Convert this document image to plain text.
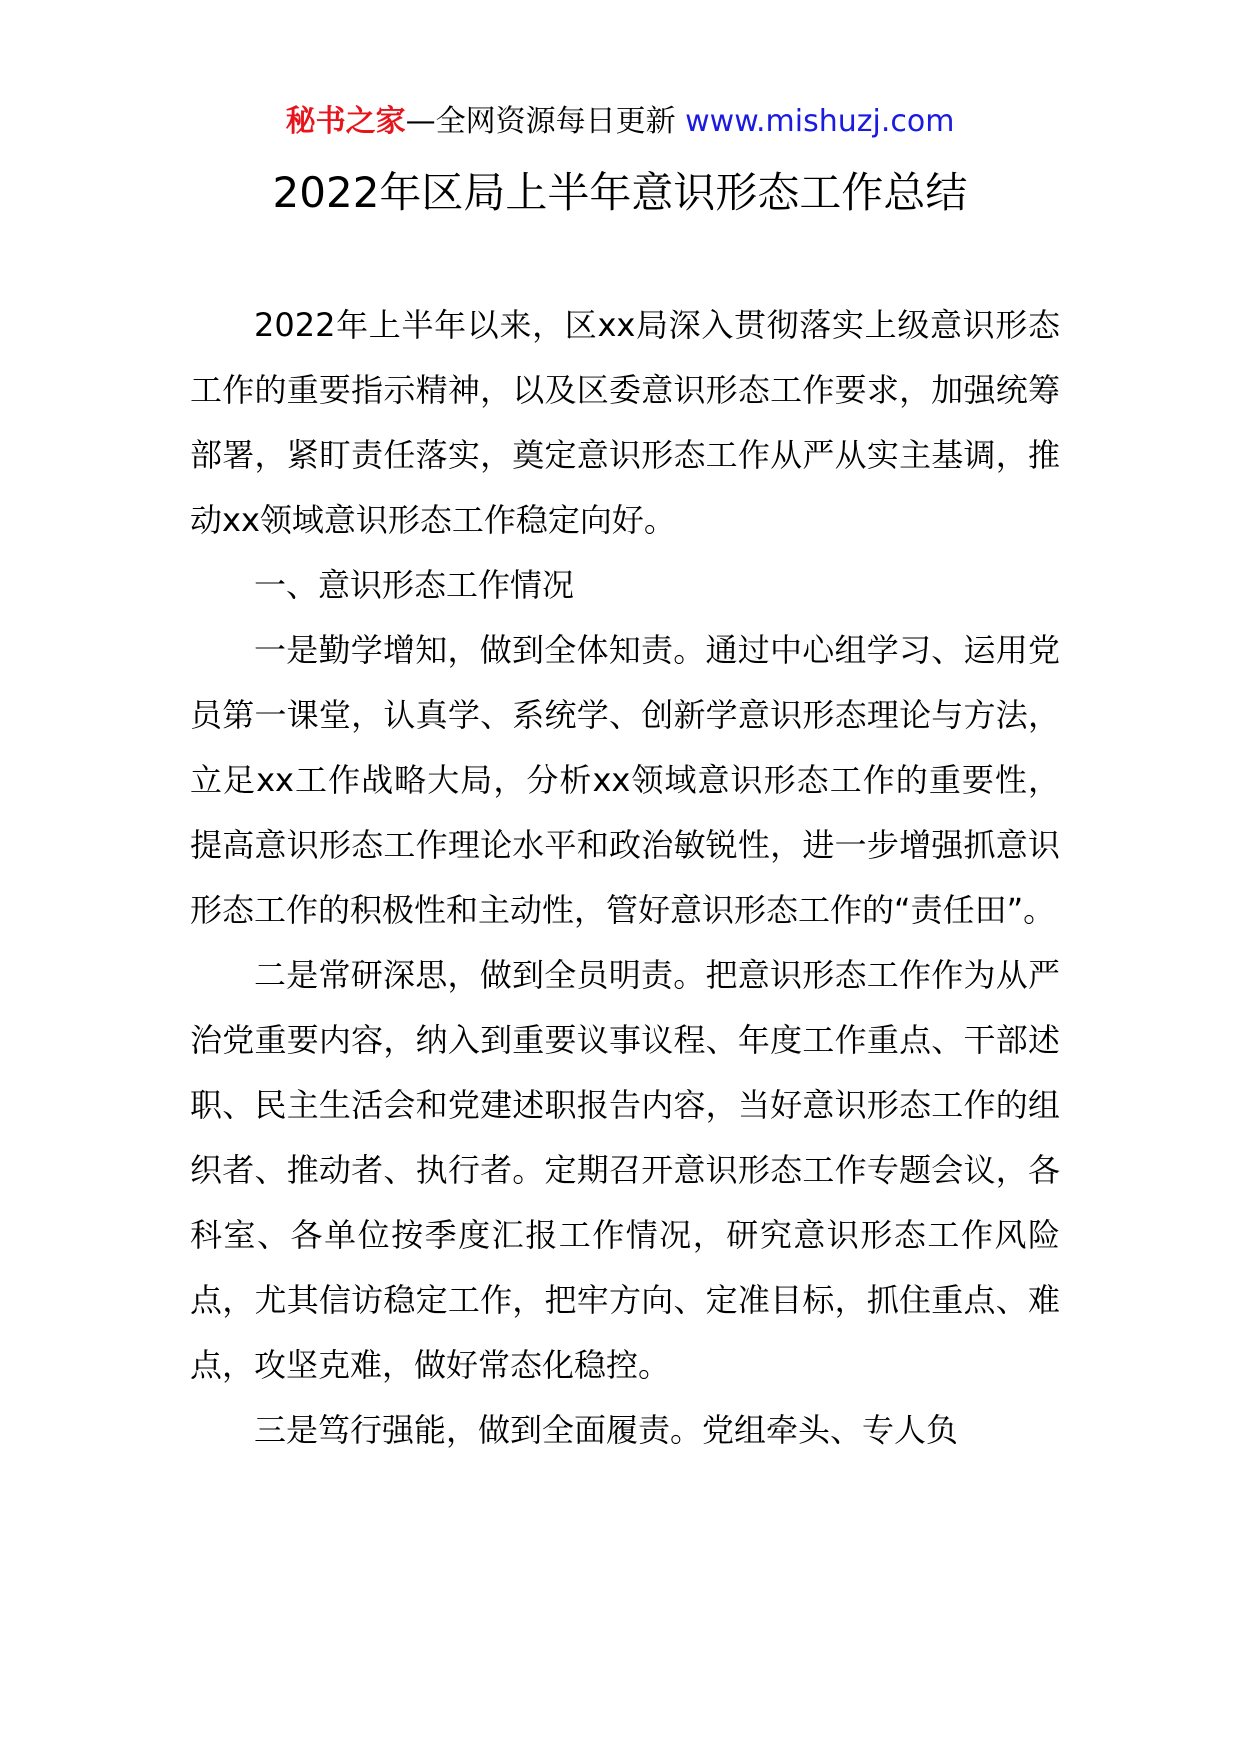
秘书之家—全网资源每日更新 www.mishuzj.com
2022年区局上半年意识形态工作总结

2022年上半年以来，区xx局深入贯彻落实上级意识形态工作的重要指示精神，以及区委意识形态工作要求，加强统筹部署，紧盯责任落实，奠定意识形态工作从严从实主基调，推动xx领域意识形态工作稳定向好。

一、意识形态工作情况

一是勤学增知，做到全体知责。通过中心组学习、运用党员第一课堂，认真学、系统学、创新学意识形态理论与方法，立足xx工作战略大局，分析xx领域意识形态工作的重要性，提高意识形态工作理论水平和政治敏锐性，进一步增强抓意识形态工作的积极性和主动性，管好意识形态工作的“责任田”。

二是常研深思，做到全员明责。把意识形态工作作为从严治党重要内容，纳入到重要议事议程、年度工作重点、干部述职、民主生活会和党建述职报告内容，当好意识形态工作的组织者、推动者、执行者。定期召开意识形态工作专题会议，各科室、各单位按季度汇报工作情况，研究意识形态工作风险点，尤其信访稳定工作，把牢方向、定准目标，抓住重点、难点，攻坚克难，做好常态化稳控。

三是笃行强能，做到全面履责。党组牵头、专人负
